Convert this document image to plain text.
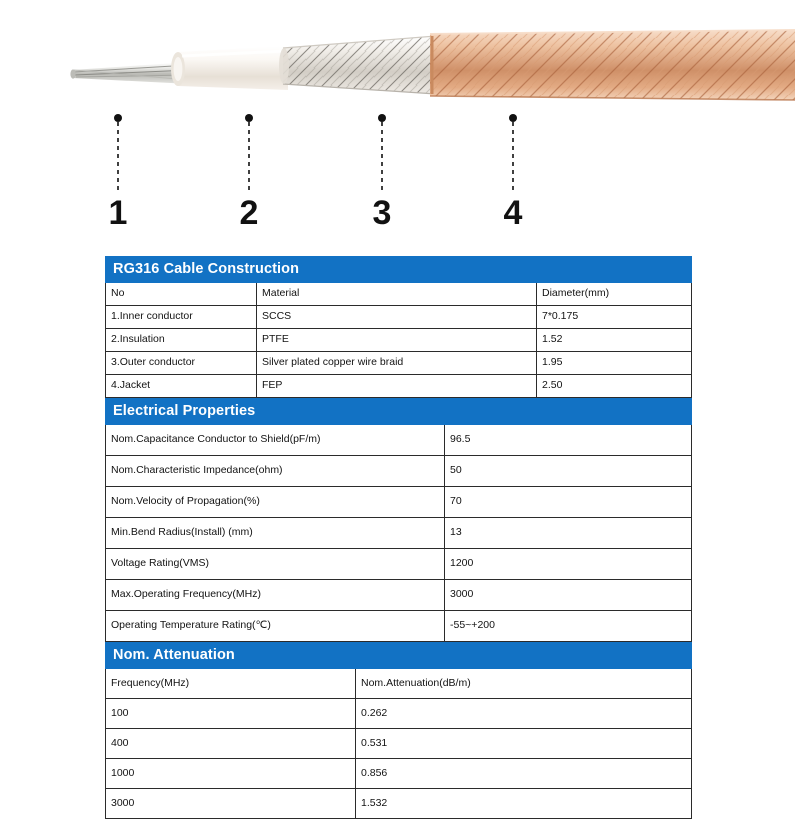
1	2	3	4
RG316 Cable Construction		
No	Material	Diameter(mm)
1.Inner conductor	SCCS	7*0.175
2.Insulation	PTFE	1.52
3.Outer conductor	Silver plated copper wire braid	1.95
4.Jacket	FEP	2.50
Electrical Properties	
Nom.Capacitance Conductor to Shield(pF/m)	96.5
Nom.Characteristic Impedance(ohm)	50
Nom.Velocity of Propagation(%)	70
Min.Bend Radius(Install) (mm)	13
Voltage Rating(VMS)	1200
Max.Operating Frequency(MHz)	3000
Operating Temperature Rating(℃)	-55~+200
Nom. Attenuation	
Frequency(MHz)	Nom.Attenuation(dB/m)
100	0.262
400	0.531
1000	0.856
3000	1.532
